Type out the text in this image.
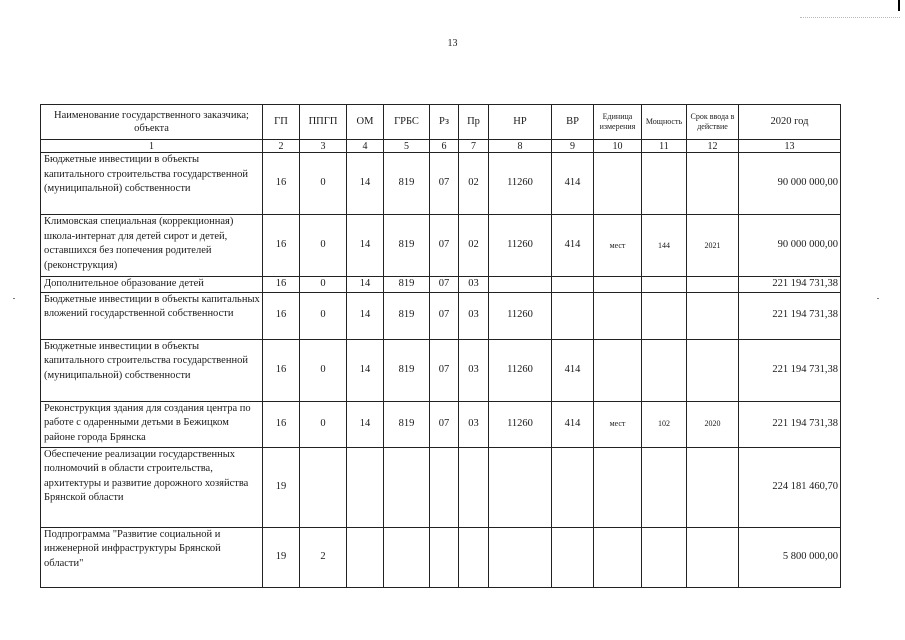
13
Наименование государственного заказчика; объекта	ГП	ППГП	ОМ	ГРБС	Рз	Пр	НР	ВР	Единица измерения	Мощность	Срок ввода в действие	2020 год
1	2	3	4	5	6	7	8	9	10	11	12	13
Бюджетные инвестиции в объекты капитального строительства государственной (муниципальной) собственности	16	0	14	819	07	02	11260	414				90 000 000,00
Климовская специальная (коррекционная) школа-интернат для детей сирот и детей, оставшихся без попечения родителей (реконструкция)	16	0	14	819	07	02	11260	414	мест	144	2021	90 000 000,00
Дополнительное образование детей	16	0	14	819	07	03						221 194 731,38
Бюджетные инвестиции в объекты капитальных вложений государственной собственности	16	0	14	819	07	03	11260					221 194 731,38
Бюджетные инвестиции в объекты капитального строительства государственной (муниципальной) собственности	16	0	14	819	07	03	11260	414				221 194 731,38
Реконструкция здания для создания центра по работе с одаренными детьми в Бежицком районе города Брянска	16	0	14	819	07	03	11260	414	мест	102	2020	221 194 731,38
Обеспечение реализации государственных полномочий в области строительства, архитектуры и развитие дорожного хозяйства Брянской области	19											224 181 460,70
Подпрограмма "Развитие социальной и инженерной инфраструктуры Брянской области"	19	2										5 800 000,00
